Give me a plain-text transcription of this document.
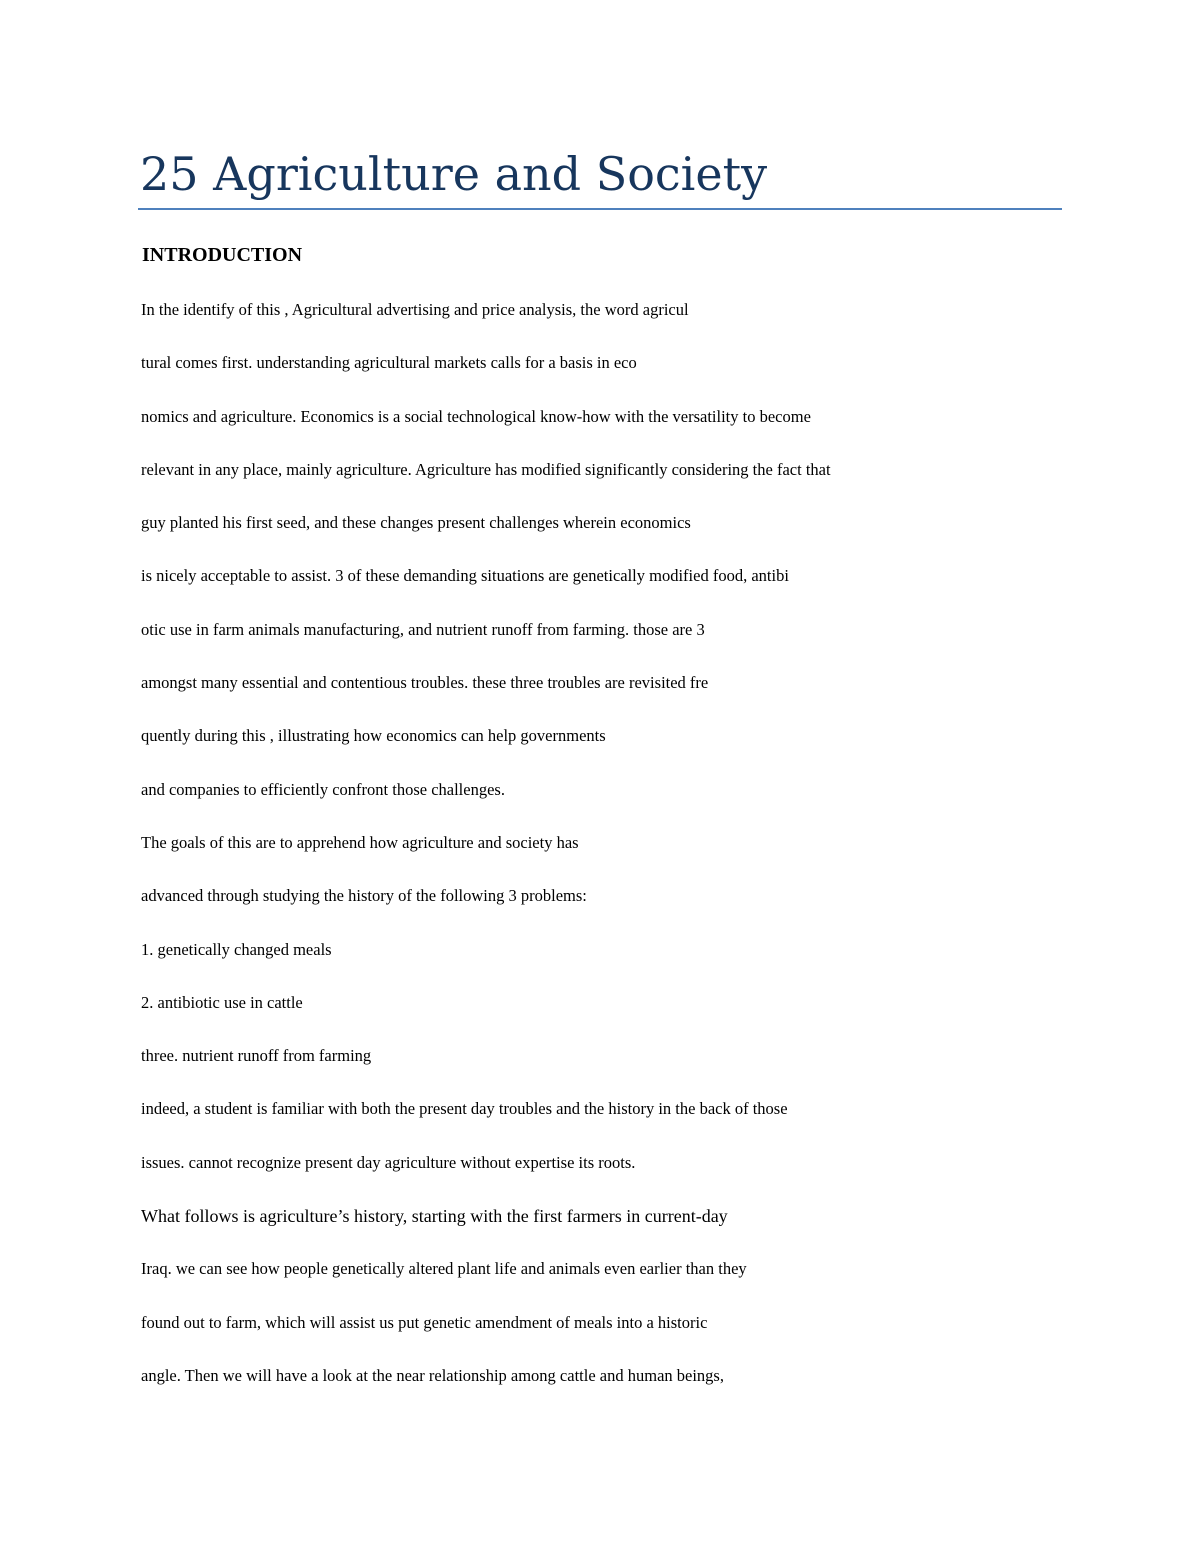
25 Agriculture and Society
INTRODUCTION
In the identify of this , Agricultural advertising and price analysis, the word agricul
tural comes first. understanding agricultural markets calls for a basis in eco
nomics and agriculture. Economics is a social technological know-how with the versatility to become
relevant in any place, mainly agriculture. Agriculture has modified significantly considering the fact that
guy planted his first seed, and these changes present challenges wherein economics
is nicely acceptable to assist. 3 of these demanding situations are genetically modified food, antibi
otic use in farm animals manufacturing, and nutrient runoff from farming. those are 3
amongst many essential and contentious troubles. these three troubles are revisited fre
quently during this , illustrating how economics can help governments
and companies to efficiently confront those challenges.
The goals of this are to apprehend how agriculture and society has
advanced through studying the history of the following 3 problems:
1. genetically changed meals
2. antibiotic use in cattle
three. nutrient runoff from farming
indeed, a student is familiar with both the present day troubles and the history in the back of those
issues. cannot recognize present day agriculture without expertise its roots.
What follows is agriculture’s history, starting with the first farmers in current-day
Iraq. we can see how people genetically altered plant life and animals even earlier than they
found out to farm, which will assist us put genetic amendment of meals into a historic
angle. Then we will have a look at the near relationship among cattle and human beings,
